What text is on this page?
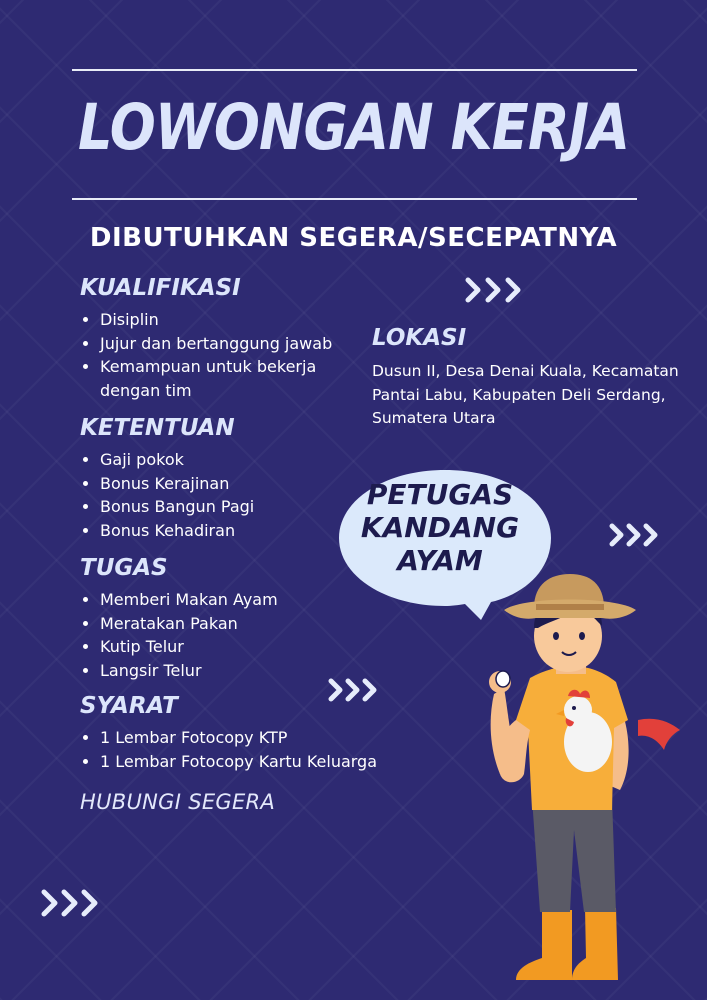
LOWONGAN KERJA
DIBUTUHKAN SEGERA/SECEPATNYA
KUALIFIKASI
• Disiplin
• Jujur dan bertanggung jawab
• Kemampuan untuk bekerja dengan tim
KETENTUAN
• Gaji pokok
• Bonus Kerajinan
• Bonus Bangun Pagi
• Bonus Kehadiran
TUGAS
• Memberi Makan Ayam
• Meratakan Pakan
• Kutip Telur
• Langsir Telur
SYARAT
• 1 Lembar Fotocopy KTP
• 1 Lembar Fotocopy Kartu Keluarga
HUBUNGI SEGERA
LOKASI

Dusun II, Desa Denai Kuala, Kecamatan Pantai Labu, Kabupaten Deli Serdang, Sumatera Utara

PETUGAS
KANDANG
AYAM
